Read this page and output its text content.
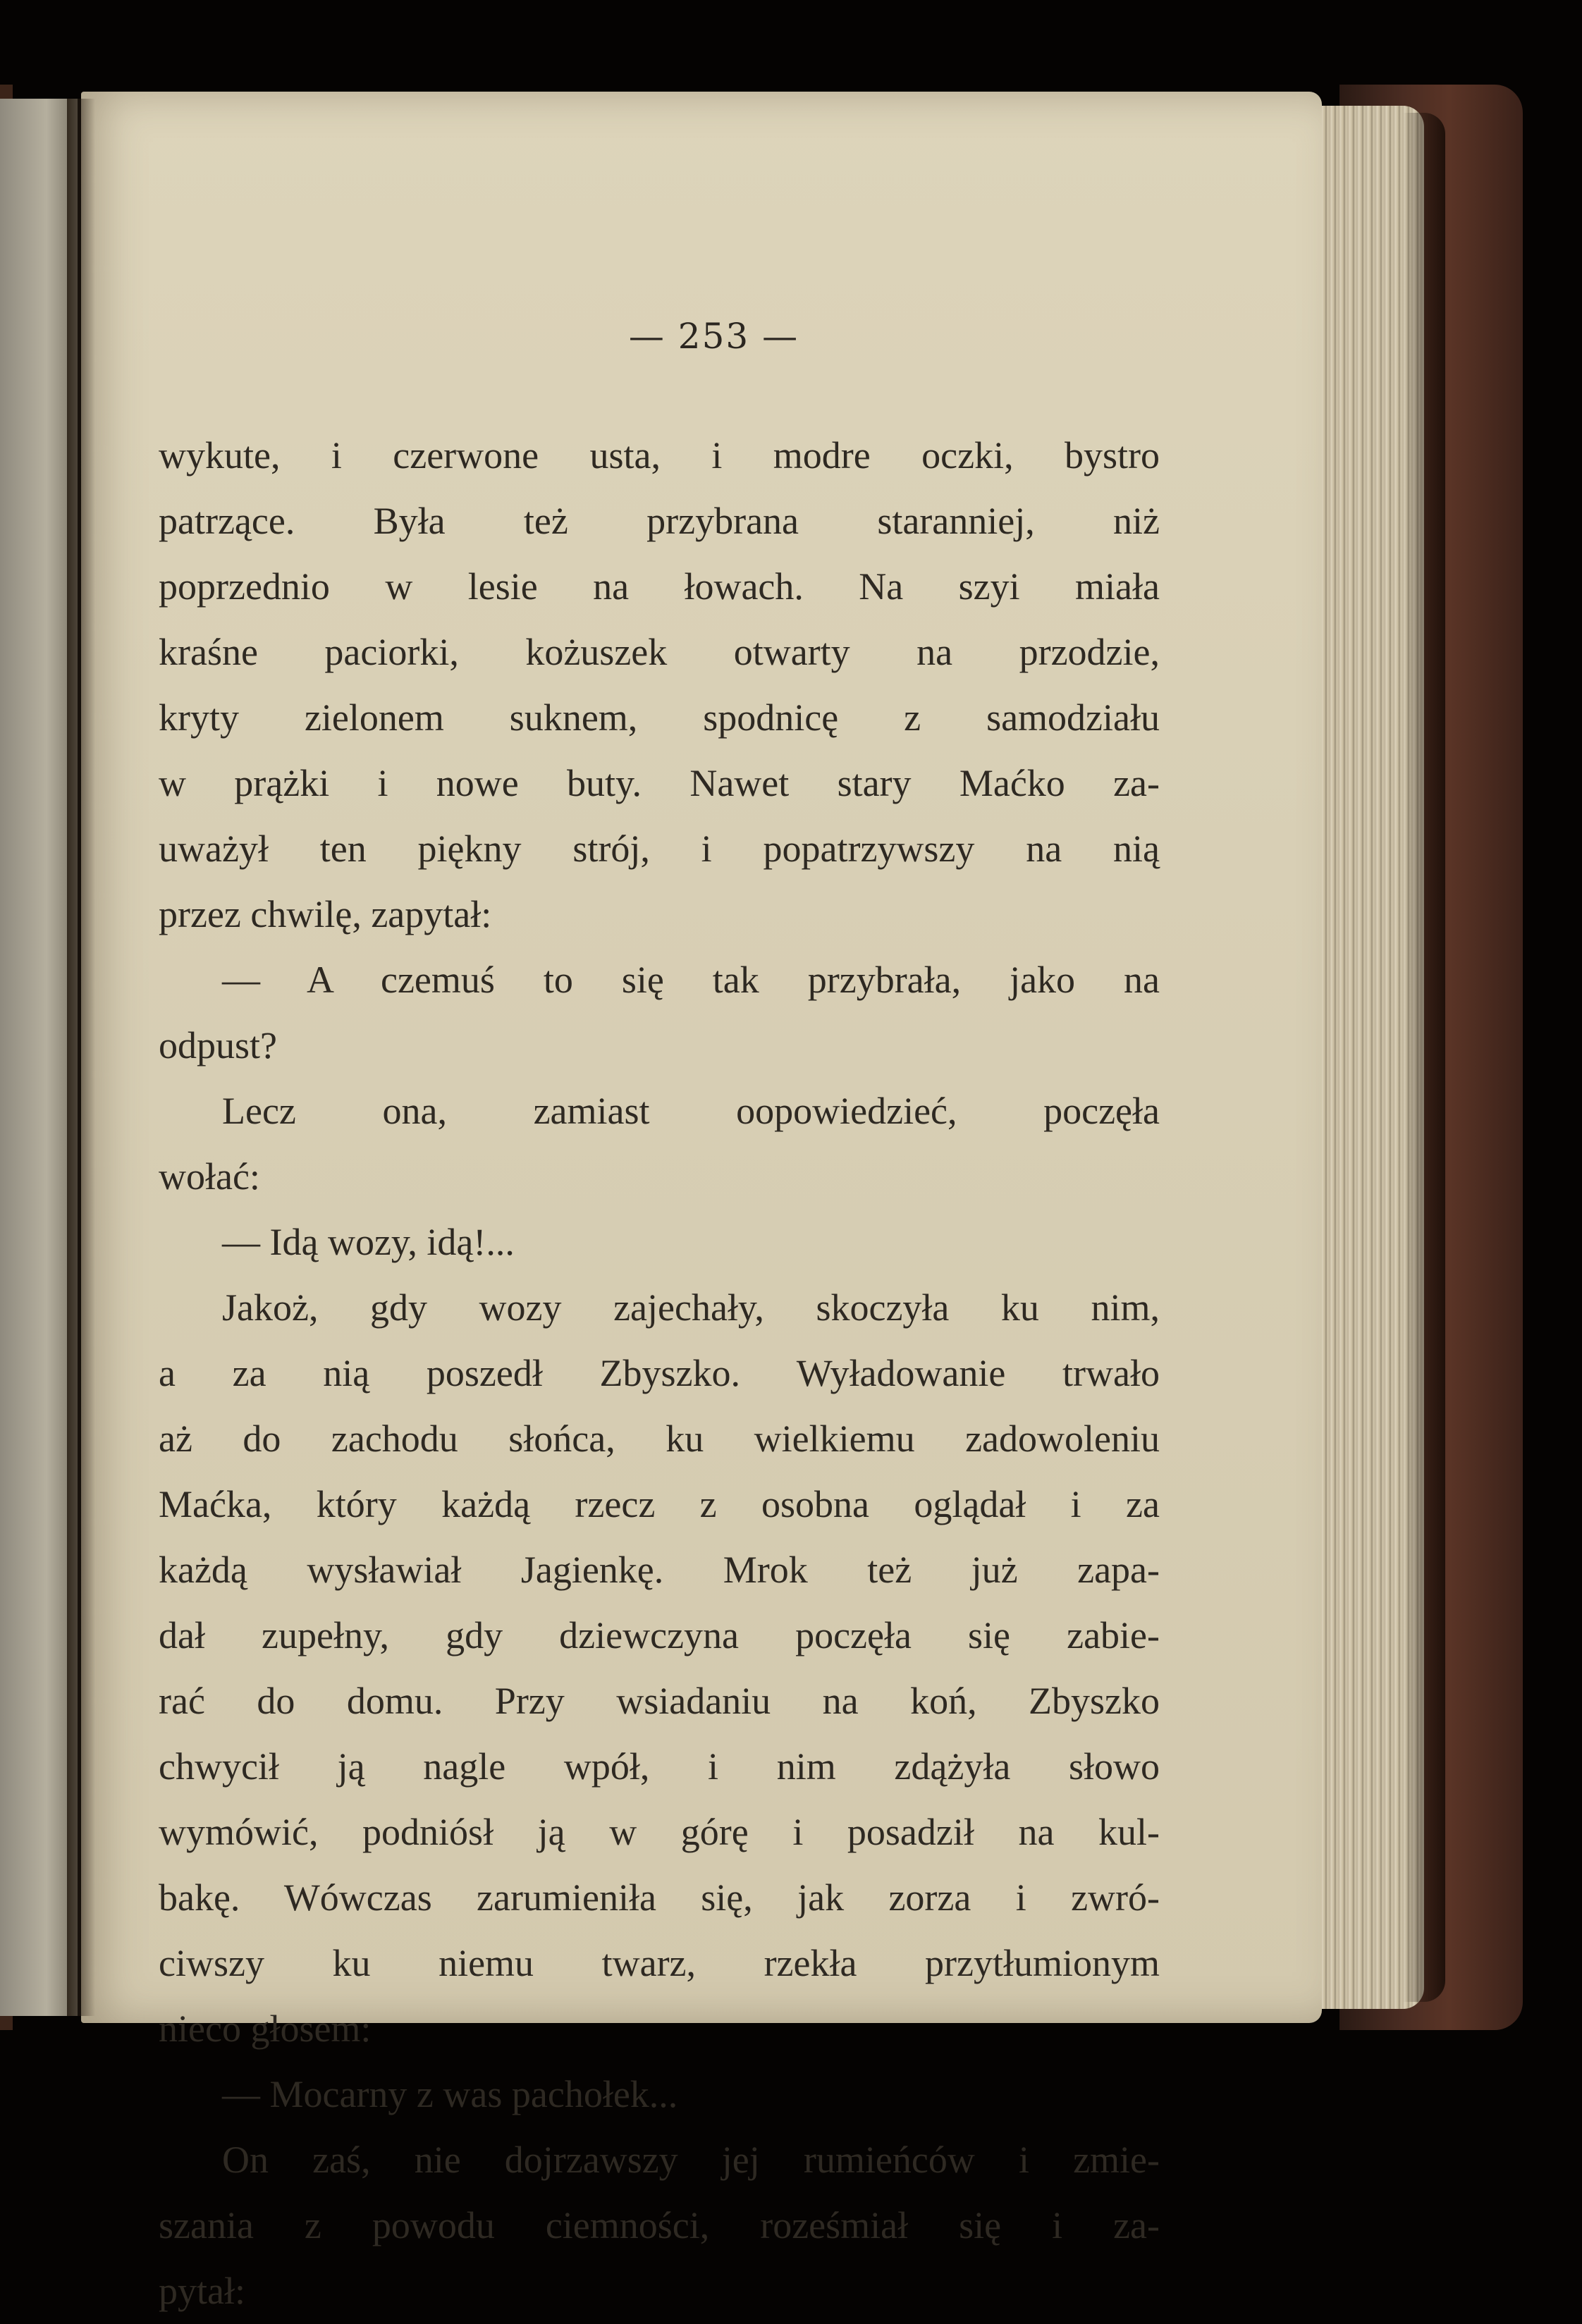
— 253 —
wykute, i czerwone usta, i modre oczki, bystro
patrzące. Była też przybrana staranniej, niż
poprzednio w lesie na łowach. Na szyi miała
kraśne paciorki, kożuszek otwarty na przodzie,
kryty zielonem suknem, spodnicę z samodziału
w prążki i nowe buty. Nawet stary Maćko za-
uważył ten piękny strój, i popatrzywszy na nią
przez chwilę, zapytał:
— A czemuś to się tak przybrała, jako na
odpust?
Lecz ona, zamiast oopowiedzieć, poczęła
wołać:
— Idą wozy, idą!...
Jakoż, gdy wozy zajechały, skoczyła ku nim,
a za nią poszedł Zbyszko. Wyładowanie trwało
aż do zachodu słońca, ku wielkiemu zadowoleniu
Maćka, który każdą rzecz z osobna oglądał i za
każdą wysławiał Jagienkę. Mrok też już zapa-
dał zupełny, gdy dziewczyna poczęła się zabie-
rać do domu. Przy wsiadaniu na koń, Zbyszko
chwycił ją nagle wpół, i nim zdążyła słowo
wymówić, podniósł ją w górę i posadził na kul-
bakę. Wówczas zarumieniła się, jak zorza i zwró-
ciwszy ku niemu twarz, rzekła przytłumionym
nieco głosem:
— Mocarny z was pachołek...
On zaś, nie dojrzawszy jej rumieńców i zmie-
szania z powodu ciemności, roześmiał się i za-
pytał:
